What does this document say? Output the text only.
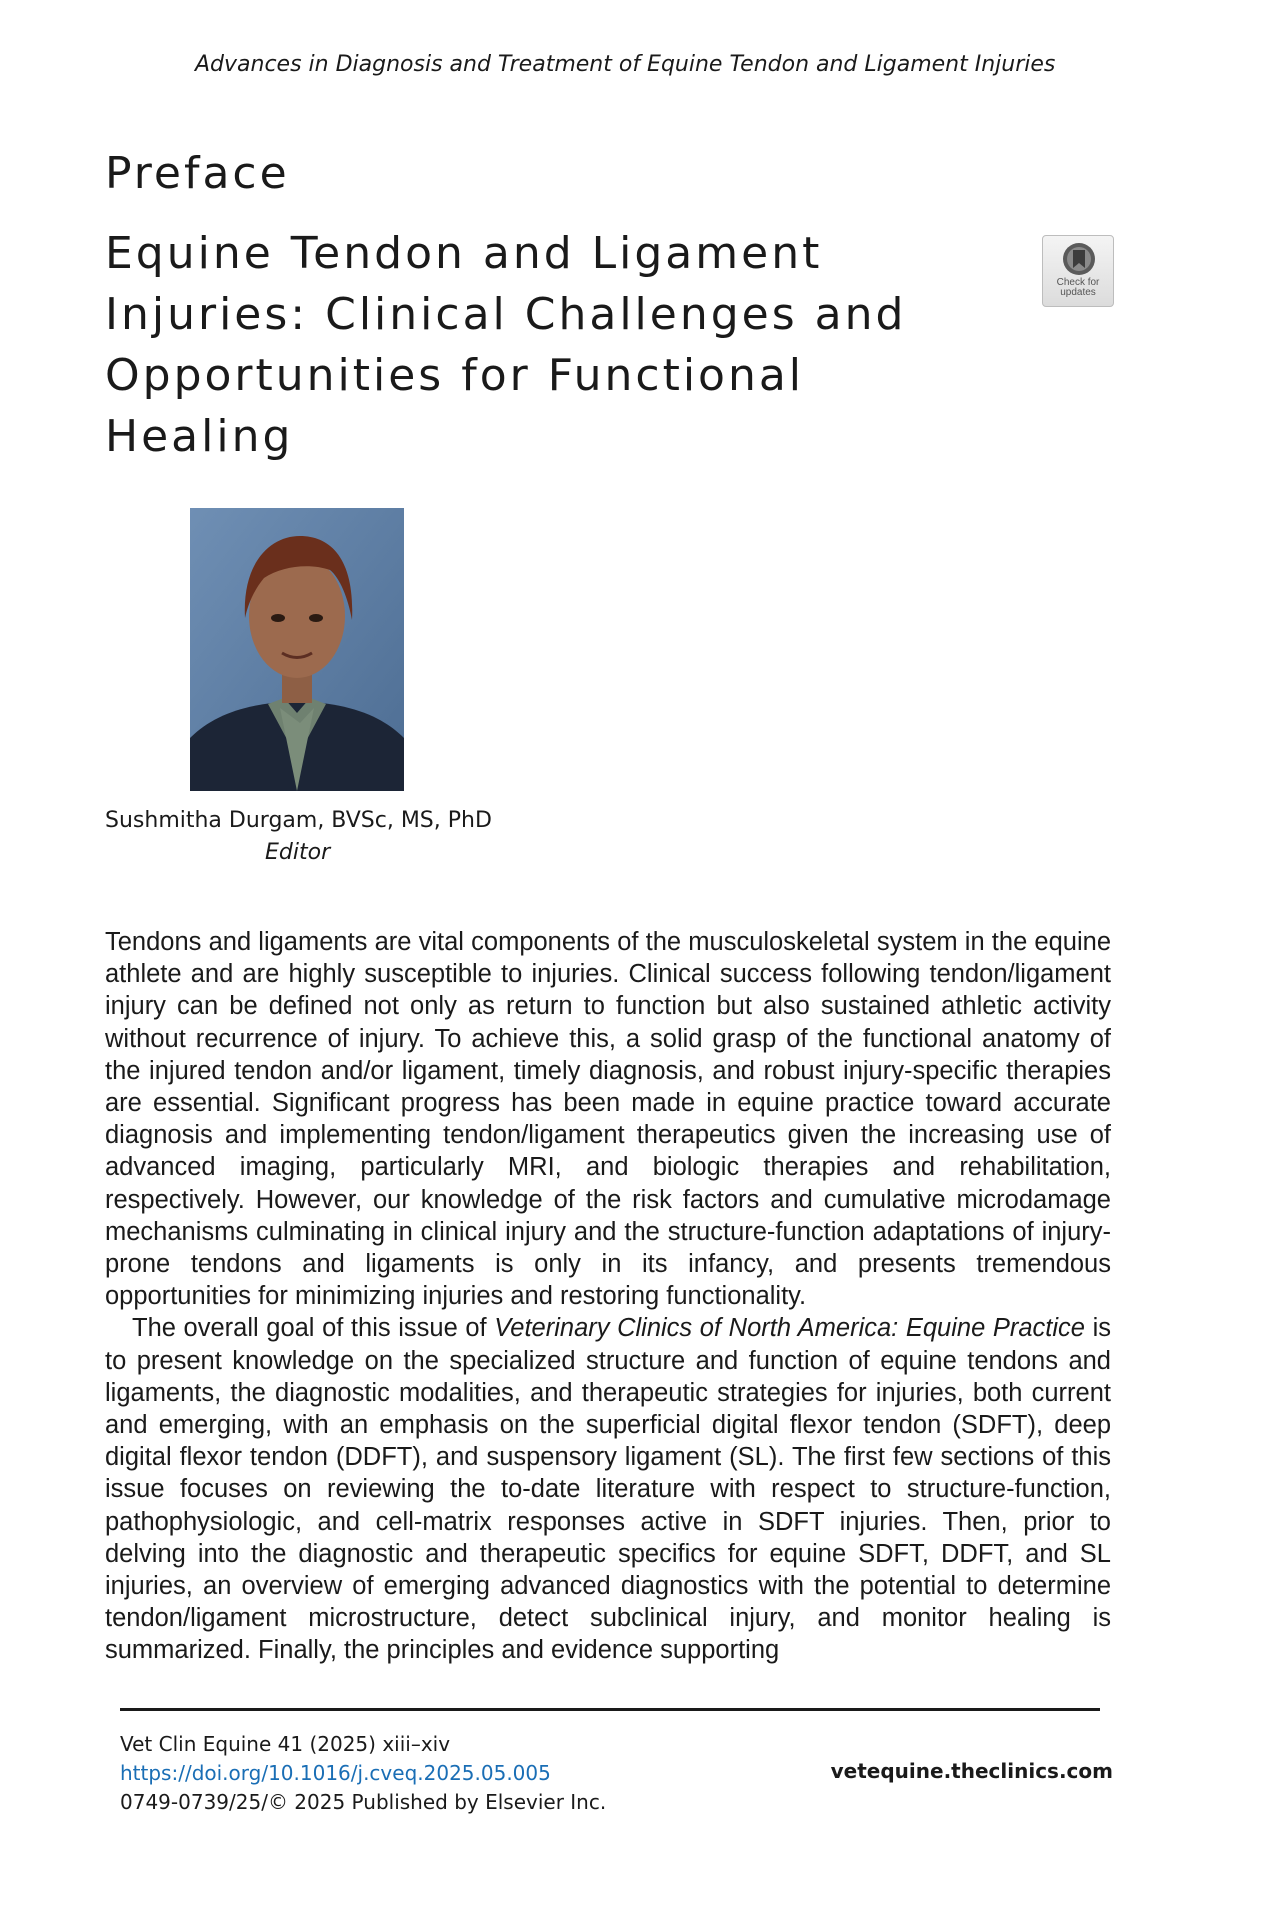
Advances in Diagnosis and Treatment of Equine Tendon and Ligament Injuries
Preface
Equine Tendon and Ligament
Injuries: Clinical Challenges and
Opportunities for Functional
Healing
Check for
updates
Sushmitha Durgam, BVSc, MS, PhD
Editor

Tendons and ligaments are vital components of the musculoskeletal system in the equine athlete and are highly susceptible to injuries. Clinical success following tendon/ligament injury can be defined not only as return to function but also sustained athletic activity without recurrence of injury. To achieve this, a solid grasp of the functional anatomy of the injured tendon and/or ligament, timely diagnosis, and robust injury-specific therapies are essential. Significant progress has been made in equine practice toward accurate diagnosis and implementing tendon/ligament therapeutics given the increasing use of advanced imaging, particularly MRI, and biologic therapies and rehabilitation, respectively. However, our knowledge of the risk factors and cumulative microdamage mechanisms culminating in clinical injury and the structure-function adaptations of injury-prone tendons and ligaments is only in its infancy, and presents tremendous opportunities for minimizing injuries and restoring functionality.

The overall goal of this issue of Veterinary Clinics of North America: Equine Practice is to present knowledge on the specialized structure and function of equine tendons and ligaments, the diagnostic modalities, and therapeutic strategies for injuries, both current and emerging, with an emphasis on the superficial digital flexor tendon (SDFT), deep digital flexor tendon (DDFT), and suspensory ligament (SL). The first few sections of this issue focuses on reviewing the to-date literature with respect to structure-function, pathophysiologic, and cell-matrix responses active in SDFT injuries. Then, prior to delving into the diagnostic and therapeutic specifics for equine SDFT, DDFT, and SL injuries, an overview of emerging advanced diagnostics with the potential to determine tendon/ligament microstructure, detect subclinical injury, and monitor healing is summarized. Finally, the principles and evidence supporting

Vet Clin Equine 41 (2025) xiii–xiv
https://doi.org/10.1016/j.cveq.2025.05.005
0749-0739/25/© 2025 Published by Elsevier Inc.
vetequine.theclinics.com
